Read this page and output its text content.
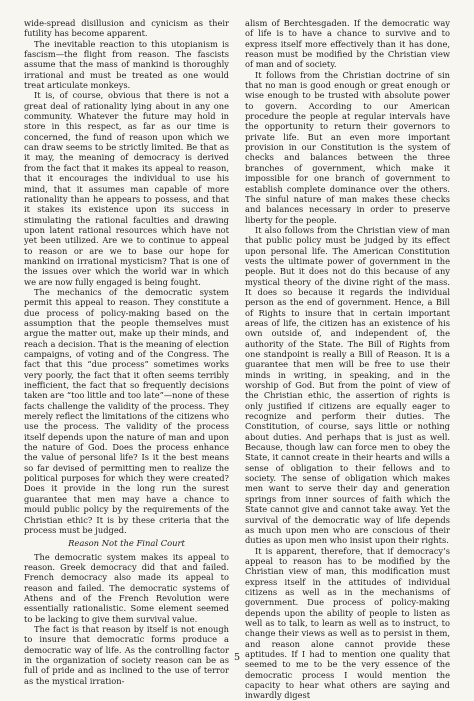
wide-spread disillusion and cynicism as their futility has become apparent.

The inevitable reaction to this utopianism is fascism—the flight from reason. The fascists assume that the mass of mankind is thoroughly irrational and must be treated as one would treat articulate monkeys.

It is, of course, obvious that there is not a great deal of rationality lying about in any one community. Whatever the future may hold in store in this respect, as far as our time is concerned, the fund of reason upon which we can draw seems to be strictly limited. Be that as it may, the meaning of democracy is derived from the fact that it makes its appeal to reason, that it encourages the individual to use his mind, that it assumes man capable of more rationality than he appears to possess, and that it stakes its existence upon its success in stimulating the rational faculties and drawing upon latent rational resources which have not yet been utilized. Are we to continue to appeal to reason or are we to base our hope for mankind on irrational mysticism? That is one of the issues over which the world war in which we are now fully engaged is being fought.

The mechanics of the democratic system permit this appeal to reason. They constitute a due process of policy-making based on the assumption that the people themselves must argue the matter out, make up their minds, and reach a decision. That is the meaning of election campaigns, of voting and of the Congress. The fact that this “due process” sometimes works very poorly, the fact that it often seems terribly inefficient, the fact that so frequently decisions taken are “too little and too late”—none of these facts challenge the validity of the process. They merely reflect the limitations of the citizens who use the process. The validity of the process itself depends upon the nature of man and upon the nature of God. Does the process enhance the value of personal life? Is it the best means so far devised of permitting men to realize the political purposes for which they were created? Does it provide in the long run the surest guarantee that men may have a chance to mould public policy by the requirements of the Christian ethic? It is by these criteria that the process must be judged.

Reason Not the Final Court

The democratic system makes its appeal to reason. Greek democracy did that and failed. French democracy also made its appeal to reason and failed. The democratic systems of Athens and of the French Revolution were essentially rationalistic. Some element seemed to be lacking to give them survival value.

The fact is that reason by itself is not enough to insure that democratic forms produce a democratic way of life. As the controlling factor in the organization of society reason can be as full of pride and as inclined to the use of terror as the mystical irration-

alism of Berchtesgaden. If the democratic way of life is to have a chance to survive and to express itself more effectively than it has done, reason must be modified by the Christian view of man and of society.

It follows from the Christian doctrine of sin that no man is good enough or great enough or wise enough to be trusted with absolute power to govern. According to our American procedure the people at regular intervals have the opportunity to return their governors to private life. But an even more important provision in our Constitution is the system of checks and balances between the three branches of government, which make it impossible for one branch of government to establish complete dominance over the others. The sinful nature of man makes these checks and balances necessary in order to preserve liberty for the people.

It also follows from the Christian view of man that public policy must be judged by its effect upon personal life. The American Constitution vests the ultimate power of government in the people. But it does not do this because of any mystical theory of the divine right of the mass. It does so because it regards the individual person as the end of government. Hence, a Bill of Rights to insure that in certain important areas of life, the citizen has an existence of his own outside of, and independent of, the authority of the State. The Bill of Rights from one standpoint is really a Bill of Reason. It is a guarantee that men will be free to use their minds in writing, in speaking, and in the worship of God. But from the point of view of the Christian ethic, the assertion of rights is only justified if citizens are equally eager to recognize and perform their duties. The Constitution, of course, says little or nothing about duties. And perhaps that is just as well. Because, though law can force men to obey the State, it cannot create in their hearts and wills a sense of obligation to their fellows and to society. The sense of obligation which makes men want to serve their day and generation springs from inner sources of faith which the State cannot give and cannot take away. Yet the survival of the democratic way of life depends as much upon men who are conscious of their duties as upon men who insist upon their rights.

It is apparent, therefore, that if democracy’s appeal to reason has to be modified by the Christian view of man, this modification must express itself in the attitudes of individual citizens as well as in the mechanisms of government. Due process of policy-making depends upon the ability of people to listen as well as to talk, to learn as well as to instruct, to change their views as well as to persist in them, and reason alone cannot provide these aptitudes. If I had to mention one quality that seemed to me to be the very essence of the democratic process I would mention the capacity to hear what others are saying and inwardly digest

5
